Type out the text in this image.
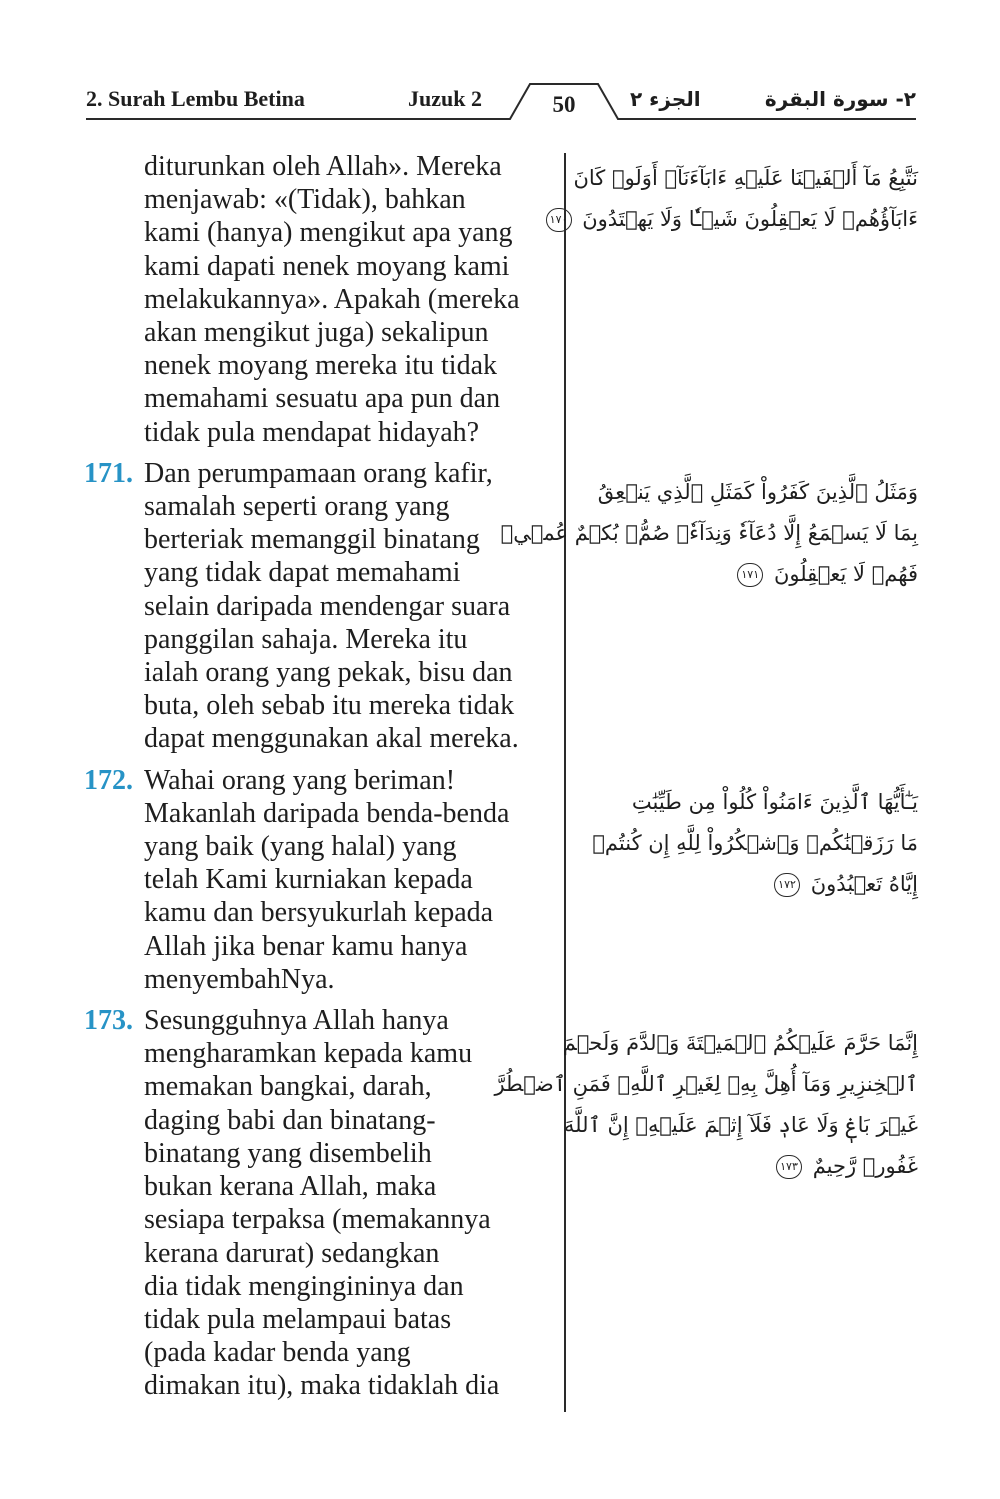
2. Surah Lembu Betina	Juzuk 2	الجزء ٢	٢- سورة البقرة
50
diturunkan oleh Allah». Mereka
menjawab: «(Tidak), bahkan
kami (hanya) mengikut apa yang
kami dapati nenek moyang kami
melakukannya». Apakah (mereka
akan mengikut juga) sekalipun
nenek moyang mereka itu tidak
memahami sesuatu apa pun dan
tidak pula mendapat hidayah?
171. Dan perumpamaan orang kafir,
samalah seperti orang yang
berteriak memanggil binatang
yang tidak dapat memahami
selain daripada mendengar suara
panggilan sahaja. Mereka itu
ialah orang yang pekak, bisu dan
buta, oleh sebab itu mereka tidak
dapat menggunakan akal mereka.
172. Wahai orang yang beriman!
Makanlah daripada benda-benda
yang baik (yang halal) yang
telah Kami kurniakan kepada
kamu dan bersyukurlah kepada
Allah jika benar kamu hanya
menyembahNya.
173. Sesungguhnya Allah hanya
mengharamkan kepada kamu
memakan bangkai, darah,
daging babi dan binatang-
binatang yang disembelih
bukan kerana Allah, maka
sesiapa terpaksa (memakannya
kerana darurat) sedangkan
dia tidak mengingininya dan
tidak pula melampaui batas
(pada kadar benda yang
dimakan itu), maka tidaklah dia
نَتَّبِعُ مَآ أَلۡفَيۡنَا عَلَيۡهِ ءَابَآءَنَآۚ أَوَلَوۡ كَانَ
ءَابَآؤُهُمۡ لَا يَعۡقِلُونَ شَيۡـٔٗا وَلَا يَهۡتَدُونَ ١٧٠
وَمَثَلُ ٱلَّذِينَ كَفَرُواْ كَمَثَلِ ٱلَّذِي يَنۡعِقُ
بِمَا لَا يَسۡمَعُ إِلَّا دُعَآءٗ وَنِدَآءٗۚ صُمُّۢ بُكۡمٌ عُمۡيٞ
فَهُمۡ لَا يَعۡقِلُونَ ١٧١
يَـٰٓأَيُّهَا ٱلَّذِينَ ءَامَنُواْ كُلُواْ مِن طَيِّبَٰتِ
مَا رَزَقۡنَٰكُمۡ وَٱشۡكُرُواْ لِلَّهِ إِن كُنتُمۡ
إِيَّاهُ تَعۡبُدُونَ ١٧٢
إِنَّمَا حَرَّمَ عَلَيۡكُمُ ٱلۡمَيۡتَةَ وَٱلدَّمَ وَلَحۡمَ
ٱلۡخِنزِيرِ وَمَآ أُهِلَّ بِهِۦ لِغَيۡرِ ٱللَّهِۖ فَمَنِ ٱضۡطُرَّ
غَيۡرَ بَاغٖ وَلَا عَادٖ فَلَآ إِثۡمَ عَلَيۡهِۚ إِنَّ ٱللَّهَ
غَفُورٞ رَّحِيمٌ ١٧٣
